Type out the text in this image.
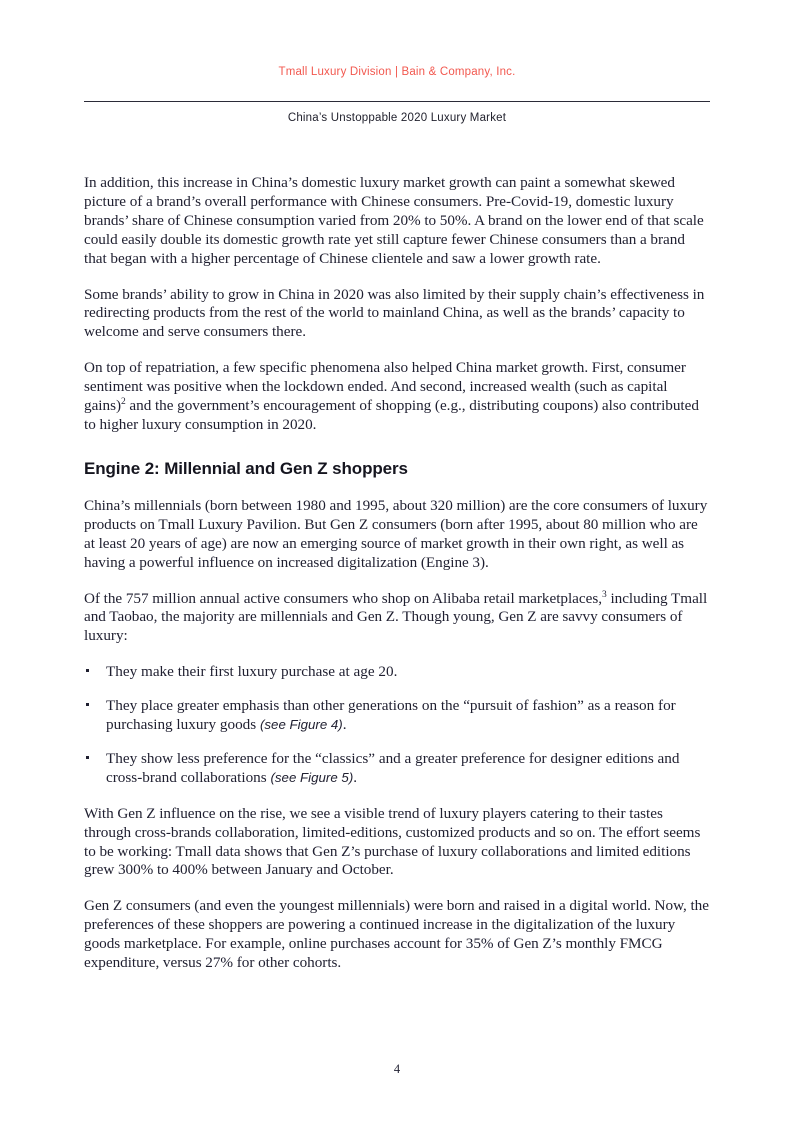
Tmall Luxury Division | Bain & Company, Inc.
China’s Unstoppable 2020 Luxury Market

In addition, this increase in China’s domestic luxury market growth can paint a somewhat skewed picture of a brand’s overall performance with Chinese consumers. Pre-Covid-19, domestic luxury brands’ share of Chinese consumption varied from 20% to 50%. A brand on the lower end of that scale could easily double its domestic growth rate yet still capture fewer Chinese consumers than a brand that began with a higher percentage of Chinese clientele and saw a lower growth rate.

Some brands’ ability to grow in China in 2020 was also limited by their supply chain’s effectiveness in redirecting products from the rest of the world to mainland China, as well as the brands’ capacity to welcome and serve consumers there.

On top of repatriation, a few specific phenomena also helped China market growth. First, consumer sentiment was positive when the lockdown ended. And second, increased wealth (such as capital gains)$^2$ and the government’s encouragement of shopping (e.g., distributing coupons) also contributed to higher luxury consumption in 2020.

Engine 2: Millennial and Gen Z shoppers

China’s millennials (born between 1980 and 1995, about 320 million) are the core consumers of luxury products on Tmall Luxury Pavilion. But Gen Z consumers (born after 1995, about 80 million who are at least 20 years of age) are now an emerging source of market growth in their own right, as well as having a powerful influence on increased digitalization (Engine 3).

Of the 757 million annual active consumers who shop on Alibaba retail marketplaces,$^3$ including Tmall and Taobao, the majority are millennials and Gen Z. Though young, Gen Z are savvy consumers of luxury:

They make their first luxury purchase at age 20.
They place greater emphasis than other generations on the “pursuit of fashion” as a reason for purchasing luxury goods (see Figure 4).
They show less preference for the “classics” and a greater preference for designer editions and cross-brand collaborations (see Figure 5).

With Gen Z influence on the rise, we see a visible trend of luxury players catering to their tastes through cross-brands collaboration, limited-editions, customized products and so on. The effort seems to be working: Tmall data shows that Gen Z’s purchase of luxury collaborations and limited editions grew 300% to 400% between January and October.

Gen Z consumers (and even the youngest millennials) were born and raised in a digital world. Now, the preferences of these shoppers are powering a continued increase in the digitalization of the luxury goods marketplace. For example, online purchases account for 35% of Gen Z’s monthly FMCG expenditure, versus 27% for other cohorts.

4
